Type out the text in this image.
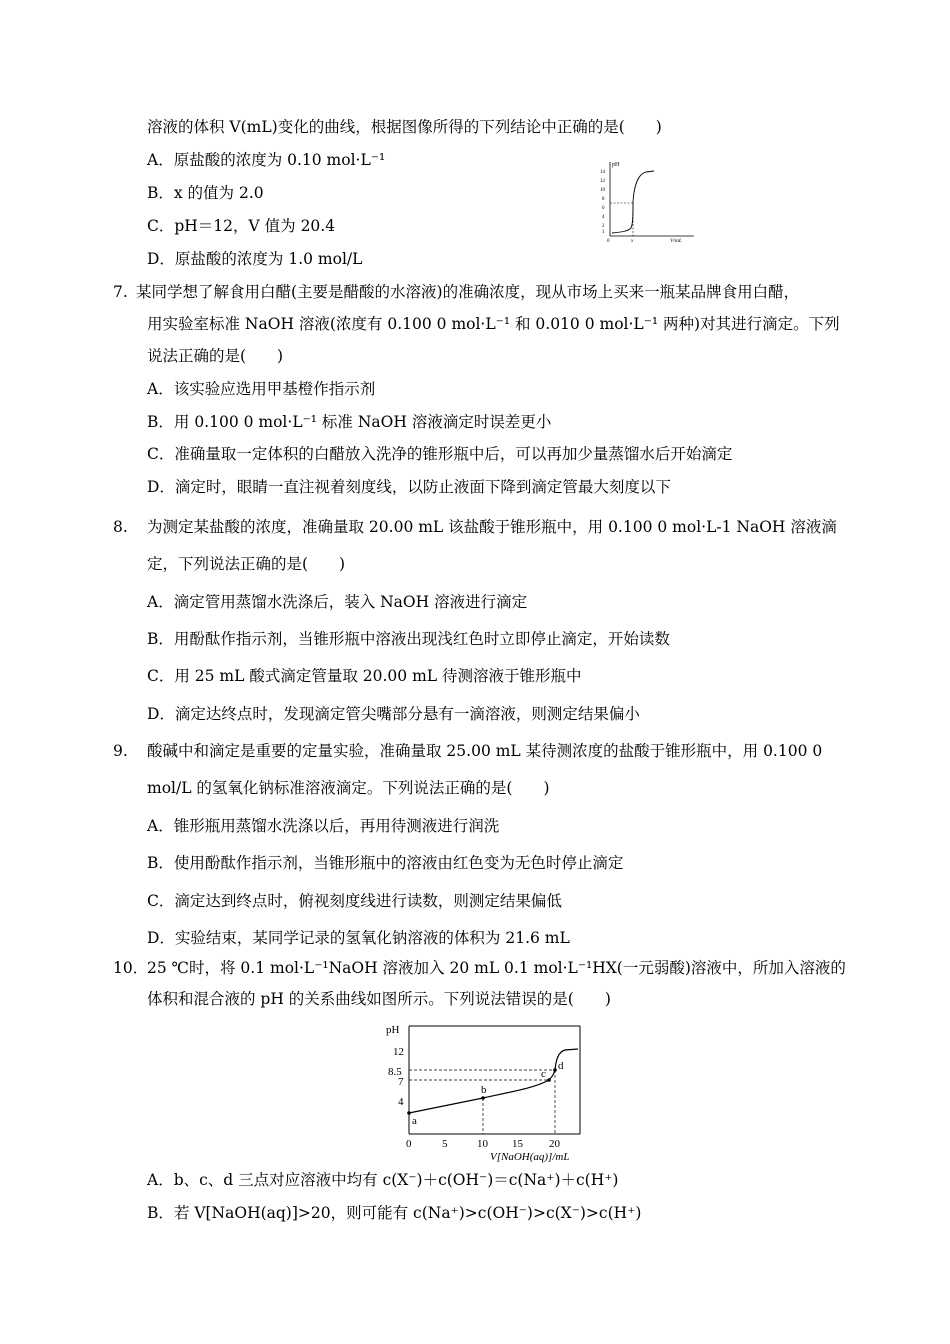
溶液的体积 V(mL)变化的曲线，根据图像所得的下列结论中正确的是(　　)
A．原盐酸的浓度为 0.10 mol·L⁻¹
B．x 的值为 2.0
C．pH＝12，V 值为 20.4
D．原盐酸的浓度为 1.0 mol/L
pH
14
12
10
8
6
4
2
1
0	x	V/mL
7. 某同学想了解食用白醋(主要是醋酸的水溶液)的准确浓度，现从市场上买来一瓶某品牌食用白醋，
用实验室标准 NaOH 溶液(浓度有 0.100 0 mol·L⁻¹ 和 0.010 0 mol·L⁻¹ 两种)对其进行滴定。下列
说法正确的是(　　)
A．该实验应选用甲基橙作指示剂
B．用 0.100 0 mol·L⁻¹ 标准 NaOH 溶液滴定时误差更小
C．准确量取一定体积的白醋放入洗净的锥形瓶中后，可以再加少量蒸馏水后开始滴定
D．滴定时，眼睛一直注视着刻度线，以防止液面下降到滴定管最大刻度以下
8. 为测定某盐酸的浓度，准确量取 20.00 mL 该盐酸于锥形瓶中，用 0.100 0 mol·L-1 NaOH 溶液滴
定，下列说法正确的是(　　)
A．滴定管用蒸馏水洗涤后，装入 NaOH 溶液进行滴定
B．用酚酞作指示剂，当锥形瓶中溶液出现浅红色时立即停止滴定，开始读数
C．用 25 mL 酸式滴定管量取 20.00 mL 待测溶液于锥形瓶中
D．滴定达终点时，发现滴定管尖嘴部分悬有一滴溶液，则测定结果偏小
9. 酸碱中和滴定是重要的定量实验，准确量取 25.00 mL 某待测浓度的盐酸于锥形瓶中，用 0.100 0
mol/L 的氢氧化钠标准溶液滴定。下列说法正确的是(　　)
A．锥形瓶用蒸馏水洗涤以后，再用待测液进行润洗
B．使用酚酞作指示剂，当锥形瓶中的溶液由红色变为无色时停止滴定
C．滴定达到终点时，俯视刻度线进行读数，则测定结果偏低
D．实验结束，某同学记录的氢氧化钠溶液的体积为 21.6 mL
10．
25 ℃时，将 0.1 mol·L⁻¹NaOH 溶液加入 20 mL 0.1 mol·L⁻¹HX(一元弱酸)溶液中，所加入溶液的
体积和混合液的 pH 的关系曲线如图所示。下列说法错误的是(　　)
pH
12
8.5
7
4
0	5	10 15 20
V[NaOH(aq)]/mL
a
b
c
d
A．b、c、d 三点对应溶液中均有 c(X⁻)＋c(OH⁻)＝c(Na⁺)＋c(H⁺)
B．若 V[NaOH(aq)]>20，则可能有 c(Na⁺)>c(OH⁻)>c(X⁻)>c(H⁺)
